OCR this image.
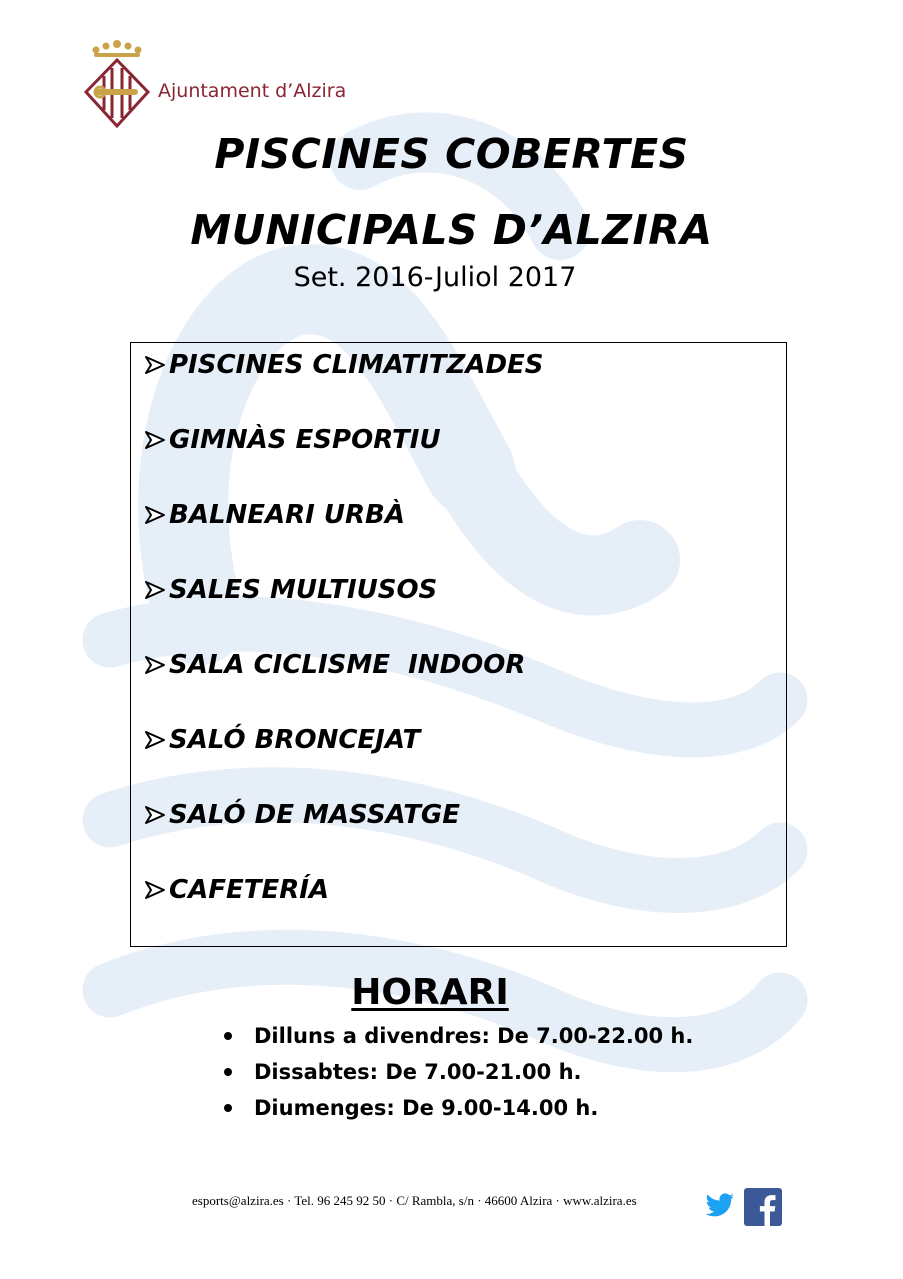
Ajuntament d’Alzira
PISCINES COBERTES
MUNICIPALS D’ALZIRA
Set. 2016-Juliol 2017
PISCINES CLIMATITZADES
GIMNÀS ESPORTIU
BALNEARI URBÀ
SALES MULTIUSOS
SALA CICLISME  INDOOR
SALÓ BRONCEJAT
SALÓ DE MASSATGE
CAFETERÍA
HORARI
Dilluns a divendres: De 7.00-22.00 h.
Dissabtes: De 7.00-21.00 h.
Diumenges: De 9.00-14.00 h.
esports@alzira.es · Tel. 96 245 92 50 · C/ Rambla, s/n · 46600 Alzira · www.alzira.es
